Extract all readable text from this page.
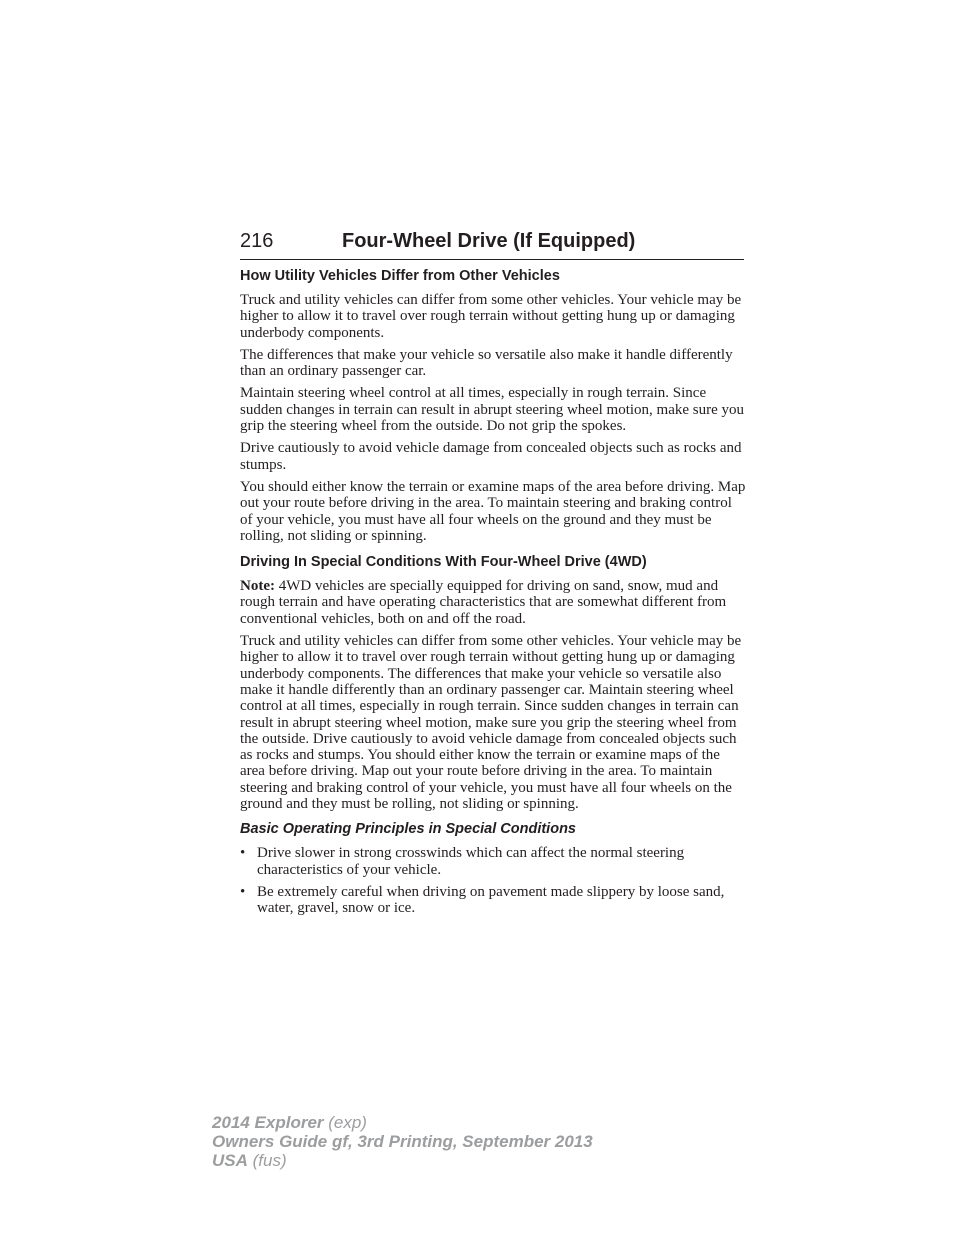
216	Four-Wheel Drive (If Equipped)
How Utility Vehicles Differ from Other Vehicles

Truck and utility vehicles can differ from some other vehicles. Your vehicle may be higher to allow it to travel over rough terrain without getting hung up or damaging underbody components.

The differences that make your vehicle so versatile also make it handle differently than an ordinary passenger car.

Maintain steering wheel control at all times, especially in rough terrain. Since sudden changes in terrain can result in abrupt steering wheel motion, make sure you grip the steering wheel from the outside. Do not grip the spokes.

Drive cautiously to avoid vehicle damage from concealed objects such as rocks and stumps.

You should either know the terrain or examine maps of the area before driving. Map out your route before driving in the area. To maintain steering and braking control of your vehicle, you must have all four wheels on the ground and they must be rolling, not sliding or spinning.

Driving In Special Conditions With Four-Wheel Drive (4WD)

Note: 4WD vehicles are specially equipped for driving on sand, snow, mud and rough terrain and have operating characteristics that are somewhat different from conventional vehicles, both on and off the road.

Truck and utility vehicles can differ from some other vehicles. Your vehicle may be higher to allow it to travel over rough terrain without getting hung up or damaging underbody components. The differences that make your vehicle so versatile also make it handle differently than an ordinary passenger car. Maintain steering wheel control at all times, especially in rough terrain. Since sudden changes in terrain can result in abrupt steering wheel motion, make sure you grip the steering wheel from the outside. Drive cautiously to avoid vehicle damage from concealed objects such as rocks and stumps. You should either know the terrain or examine maps of the area before driving. Map out your route before driving in the area. To maintain steering and braking control of your vehicle, you must have all four wheels on the ground and they must be rolling, not sliding or spinning.

Basic Operating Principles in Special Conditions
• Drive slower in strong crosswinds which can affect the normal steering characteristics of your vehicle.
• Be extremely careful when driving on pavement made slippery by loose sand, water, gravel, snow or ice.
2014 Explorer (exp)
Owners Guide gf, 3rd Printing, September 2013
USA (fus)
